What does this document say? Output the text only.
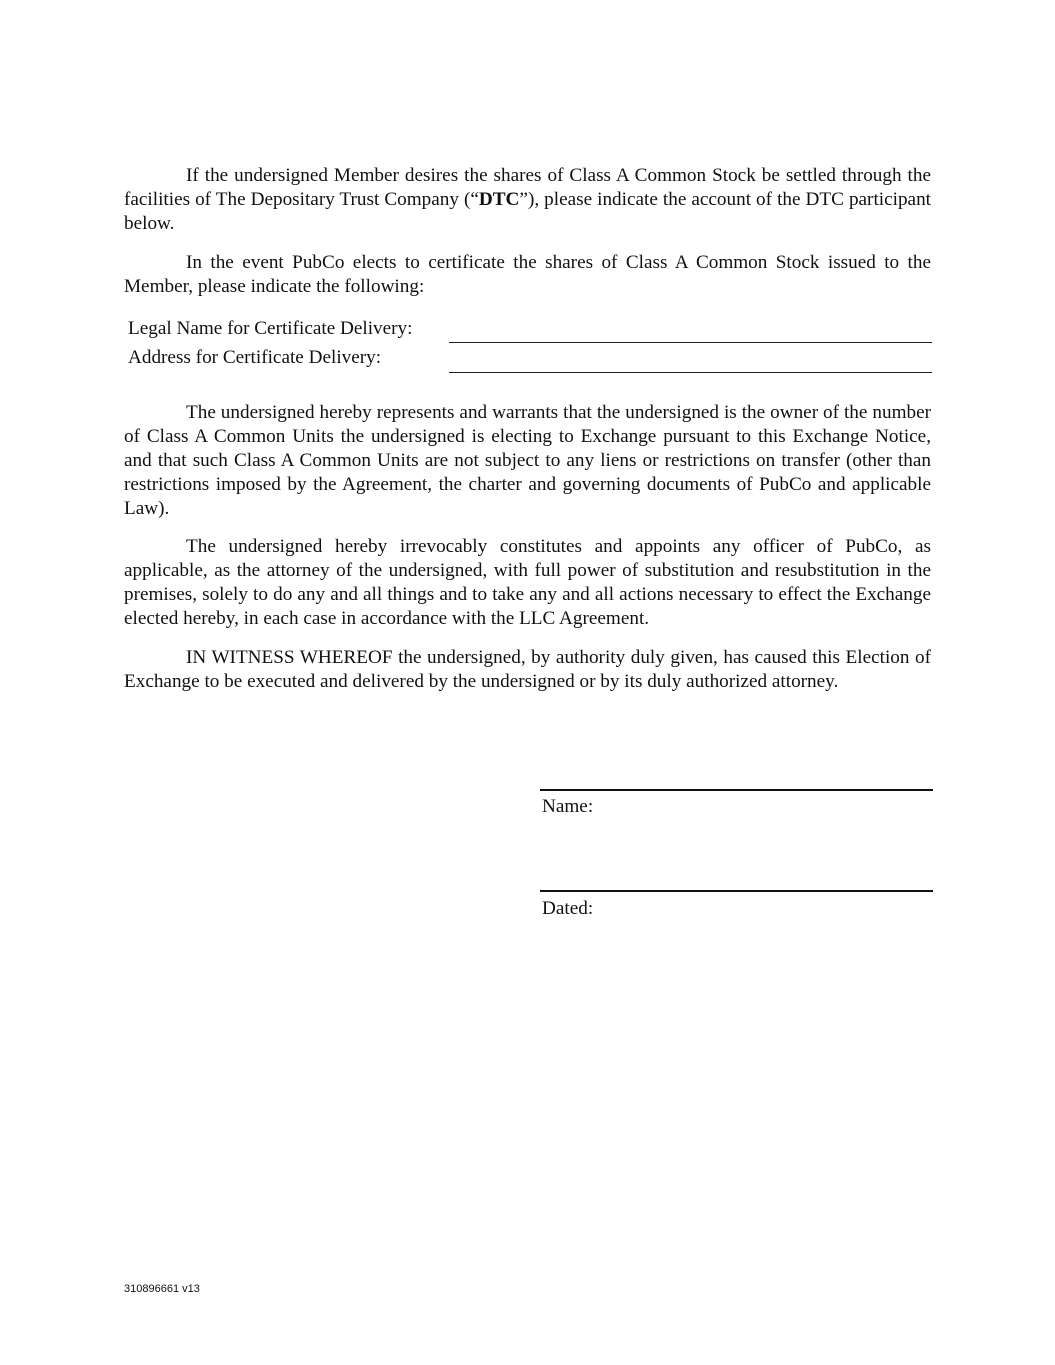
If the undersigned Member desires the shares of Class A Common Stock be settled through the facilities of The Depositary Trust Company (“DTC”), please indicate the account of the DTC participant below.

In the event PubCo elects to certificate the shares of Class A Common Stock issued to the Member, please indicate the following:

Legal Name for Certificate Delivery:

Address for Certificate Delivery:

The undersigned hereby represents and warrants that the undersigned is the owner of the number of Class A Common Units the undersigned is electing to Exchange pursuant to this Exchange Notice, and that such Class A Common Units are not subject to any liens or restrictions on transfer (other than restrictions imposed by the Agreement, the charter and governing documents of PubCo and applicable Law).

The undersigned hereby irrevocably constitutes and appoints any officer of PubCo, as applicable, as the attorney of the undersigned, with full power of substitution and resubstitution in the premises, solely to do any and all things and to take any and all actions necessary to effect the Exchange elected hereby, in each case in accordance with the LLC Agreement.

IN WITNESS WHEREOF the undersigned, by authority duly given, has caused this Election of Exchange to be executed and delivered by the undersigned or by its duly authorized attorney.

Name:

Dated:

310896661 v13
